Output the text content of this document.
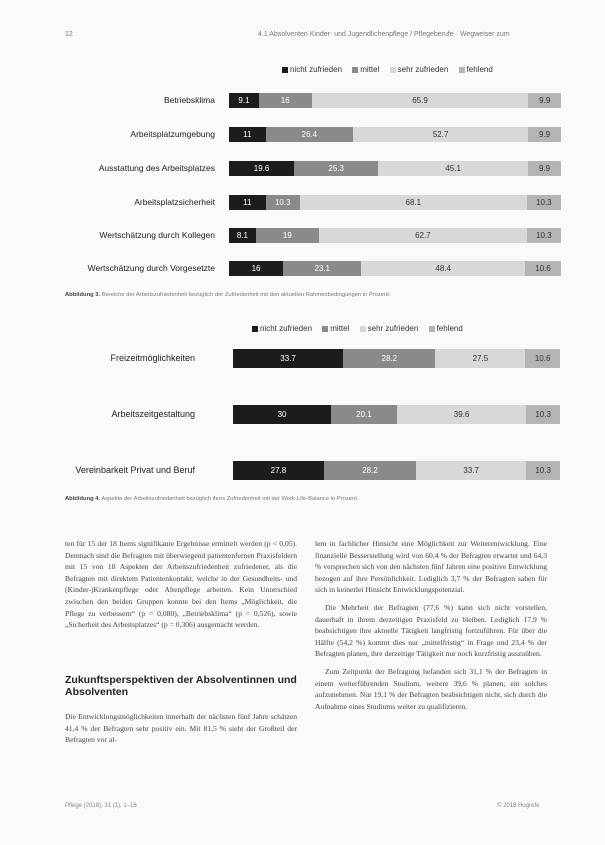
12	4.1 Absolventen Kinder- und Jugendlichenpflege / Pflegeberufe · Wegweiser zum
nicht zufrieden mittel sehr zufrieden fehlend
Betriebsklima	9.1	16	65.9	9.9
Arbeitsplatzumgebung	11	26.4	52.7	9.9
Ausstattung des Arbeitsplatzes	19.6	25.3	45.1	9.9
Arbeitsplatzsicherheit	11	10.3	68.1	10.3
Wertschätzung durch Kollegen	8.1	19	62.7	10.3
Wertschätzung durch Vorgesetzte	16	23.1	48.4	10.6
Abbildung 3. Bereiche der Arbeitszufriedenheit bezüglich der Zufriedenheit mit den aktuellen Rahmenbedingungen in Prozent.
nicht zufrieden mittel sehr zufrieden fehlend
Freizeitmöglichkeiten	33.7	28.2	27.5	10.6
Arbeitszeitgestaltung	30	20.1	39.6	10.3
Vereinbarkeit Privat und Beruf	27.8	28.2	33.7	10.3
Abbildung 4. Aspekte der Arbeitszufriedenheit bezüglich ihres Zufriedenheit mit der Work-Life-Balance in Prozent.

ten für 15 der 18 Items signifikante Ergebnisse ermittelt werden (p < 0,05). Demnach sind die Befragten mit überwiegend patientenfernen Praxisfeldern mit 15 von 18 Aspekten der Arbeitszufriedenheit zufriedener, als die Befragten mit direktem Patientenkontakt, welche in der Gesundheits- und (Kinder-)Krankenpflege oder Altenpflege arbeiten. Kein Unterschied zwischen den beiden Gruppen konnte bei den Items „Möglichkeit, die Pflege zu verbessern“ (p = 0,080), „Betriebsklima“ (p = 0,526), sowie „Sicherheit des Arbeitsplatzes“ (p = 0,306) ausgemacht werden.

Zukunftsperspektiven der Absolventinnen und Absolventen

Die Entwicklungsmöglichkeiten innerhalb der nächsten fünf Jahre schätzen 41,4 % der Befragten sehr positiv ein. Mit 81,5 % sieht der Großteil der Befragten vor al-

lem in fachlicher Hinsicht eine Möglichkeit zur Weiterentwicklung. Eine finanzielle Besserstellung wird von 60,4 % der Befragten erwartet und 64,3 % versprechen sich von den nächsten fünf Jahren eine positive Entwicklung bezogen auf ihre Persönlichkeit. Lediglich 3,7 % der Befragten sahen für sich in keinerlei Hinsicht Entwicklungspotenzial.

Die Mehrheit der Befragten (77,6 %) kann sich nicht vorstellen, dauerhaft in ihrem derzeitigen Praxisfeld zu bleiben. Lediglich 17,9 % beabsichtigen ihre aktuelle Tätigkeit langfristig fortzuführen. Für über die Hälfte (54,2 %) kommt dies nur „mittelfristig“ in Frage und 23,4 % der Befragten planen, ihre derzeitige Tätigkeit nur noch kurzfristig auszuüben.

Zum Zeitpunkt der Befragung befanden sich 31,1 % der Befragten in einem weiterführenden Studium, weitere 39,6 % planen, ein solches aufzunehmen. Nur 19,1 % der Befragten beabsichtigen nicht, sich durch die Aufnahme eines Studiums weiter zu qualifizieren.

Pflege (2018), 31 (1), 1–16	© 2018 Hogrefe
